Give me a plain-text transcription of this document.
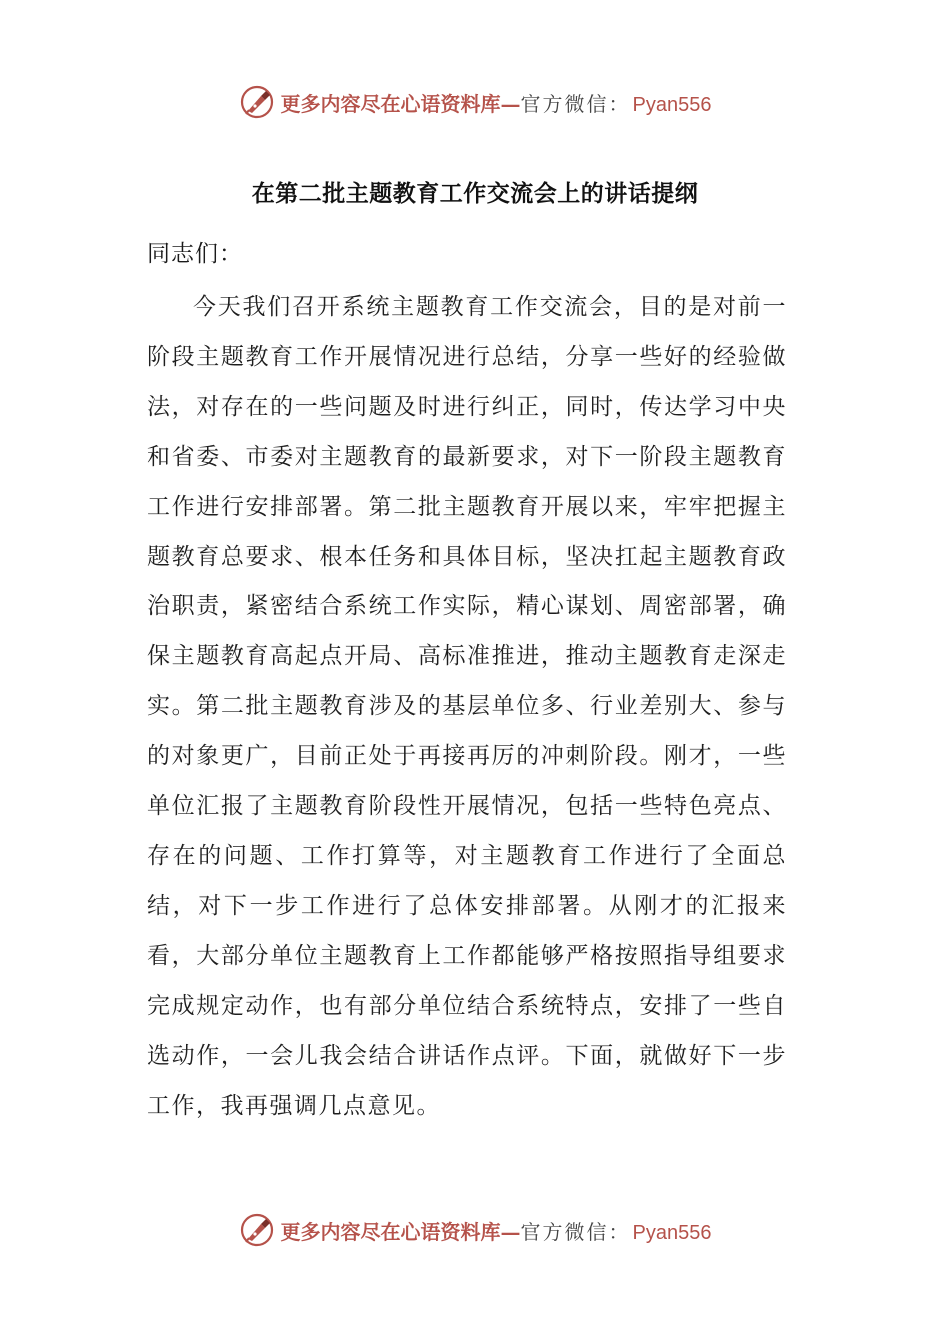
更多内容尽在心语资料库— 官方微信： Pyan556
在第二批主题教育工作交流会上的讲话提纲
同志们：

今天我们召开系统主题教育工作交流会，目的是对前一阶段主题教育工作开展情况进行总结，分享一些好的经验做法，对存在的一些问题及时进行纠正，同时，传达学习中央和省委、市委对主题教育的最新要求，对下一阶段主题教育工作进行安排部署。第二批主题教育开展以来，牢牢把握主题教育总要求、根本任务和具体目标，坚决扛起主题教育政治职责，紧密结合系统工作实际，精心谋划、周密部署，确保主题教育高起点开局、高标准推进，推动主题教育走深走实。第二批主题教育涉及的基层单位多、行业差别大、参与的对象更广，目前正处于再接再厉的冲刺阶段。刚才，一些单位汇报了主题教育阶段性开展情况，包括一些特色亮点、存在的问题、工作打算等，对主题教育工作进行了全面总结，对下一步工作进行了总体安排部署。从刚才的汇报来看，大部分单位主题教育上工作都能够严格按照指导组要求完成规定动作，也有部分单位结合系统特点，安排了一些自选动作，一会儿我会结合讲话作点评。下面，就做好下一步工作，我再强调几点意见。

更多内容尽在心语资料库— 官方微信： Pyan556
